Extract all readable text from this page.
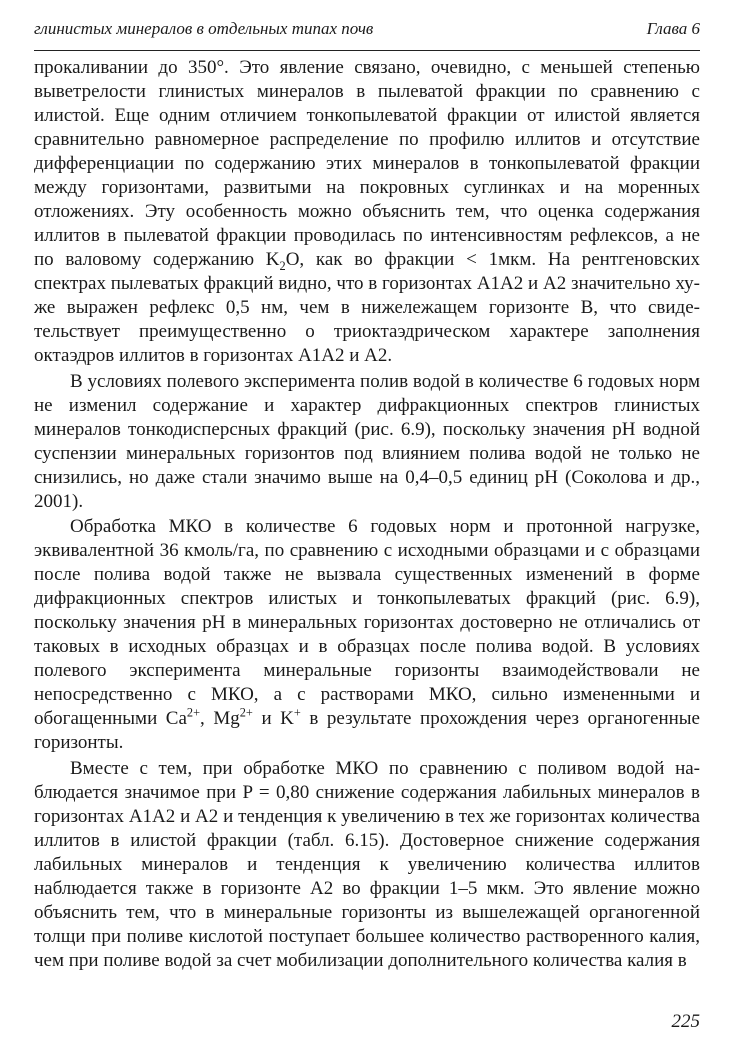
глинистых минералов в отдельных типах почв	Глава 6

прокаливании до 350°. Это явление связано, очевидно, с меньшей степенью выветрелости глинистых минералов в пылеватой фракции по сравнению с илистой. Еще одним отличием тонкопылеватой фракции от илистой является сравнительно равномерное распределение по профилю иллитов и отсутствие дифференциации по содержанию этих минералов в тонкопылеватой фракции между горизонтами, развитыми на покровных суглинках и на моренных отложениях. Эту особенность можно объяснить тем, что оценка содержания иллитов в пылеватой фракции проводилась по интенсивностям рефлексов, а не по валовому содержанию $K_2O$, как во фракции < 1мкм. На рентгеновских спектрах пылеватых фракций видно, что в горизонтах A1A2 и A2 значительно хуже выражен рефлекс 0,5 нм, чем в нижележащем горизонте B, что свидетельствует преимущественно о триоктаэдрическом характере заполнения октаэдров иллитов в горизонтах A1A2 и A2.

В условиях полевого эксперимента полив водой в количестве 6 годовых норм не изменил содержание и характер дифракционных спектров глинистых минералов тонкодисперсных фракций (рис. 6.9), поскольку значения pH водной суспензии минеральных горизонтов под влиянием полива водой не только не снизились, но даже стали значимо выше на 0,4–0,5 единиц pH (Соколова и др., 2001).

Обработка МКО в количестве 6 годовых норм и протонной нагрузке, эквивалентной 36 кмоль/га, по сравнению с исходными образцами и с образцами после полива водой также не вызвала существенных изменений в форме дифракционных спектров илистых и тонкопылеватых фракций (рис. 6.9), поскольку значения pH в минеральных горизонтах достоверно не отличались от таковых в исходных образцах и в образцах после полива водой. В условиях полевого эксперимента минеральные горизонты взаимодействовали не непосредственно с МКО, а с растворами МКО, сильно измененными и обогащенными $Ca^{2+}$, $Mg^{2+}$ и K+ в результате прохождения через органогенные горизонты.

Вместе с тем, при обработке МКО по сравнению с поливом водой наблюдается значимое при P = 0,80 снижение содержания лабильных минералов в горизонтах A1A2 и A2 и тенденция к увеличению в тех же горизонтах количества иллитов в илистой фракции (табл. 6.15). Достоверное снижение содержания лабильных минералов и тенденция к увеличению количества иллитов наблюдается также в горизонте A2 во фракции 1–5 мкм. Это явление можно объяснить тем, что в минеральные горизонты из вышележащей органогенной толщи при поливе кислотой поступает большее количество растворенного калия, чем при поливе водой за счет мобилизации дополнительного количества калия в

225
